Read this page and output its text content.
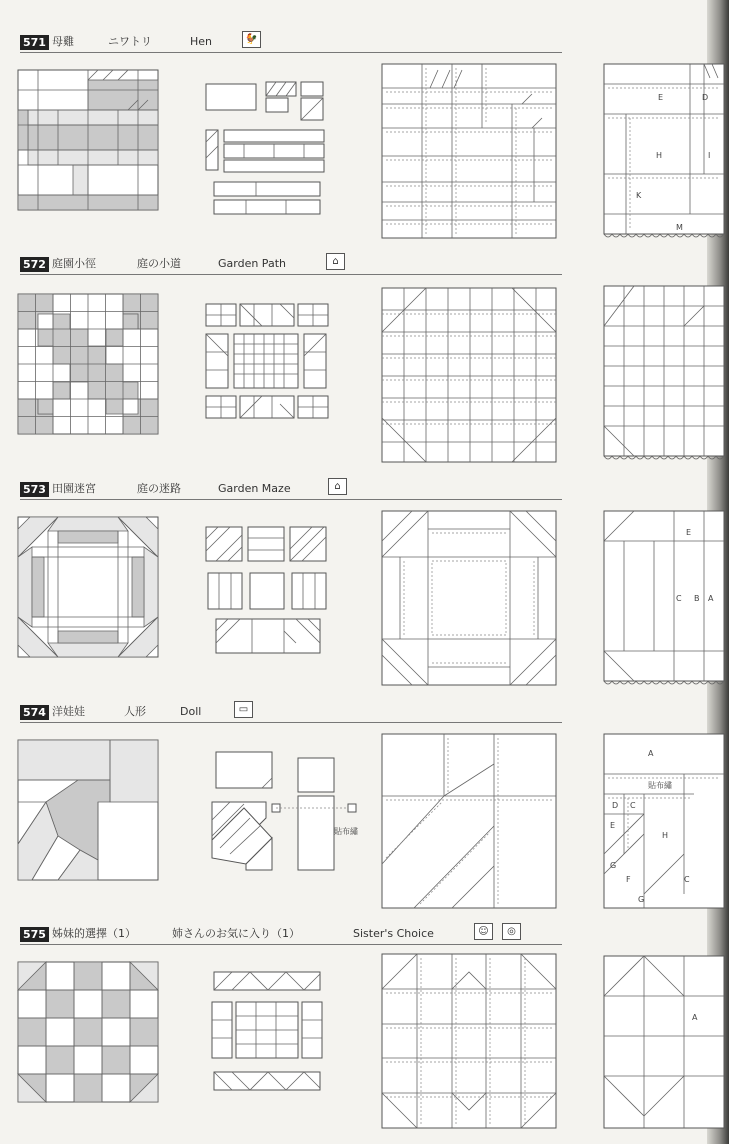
571 母雞	ニワトリ	Hen	🐓
E	D
H
K
M
I
572 庭園小徑	庭の小道	Garden Path	⌂
573 田園迷宮	庭の迷路	Garden Maze	⌂
E
C B A
574 洋娃娃	人形	Doll	▭
貼布繡
A
D C
E
H
G
F
G
C
貼布繡
575 姊妹的選擇（1）	姉さんのお気に入り（1）	Sister's Choice	☺	◎
A
